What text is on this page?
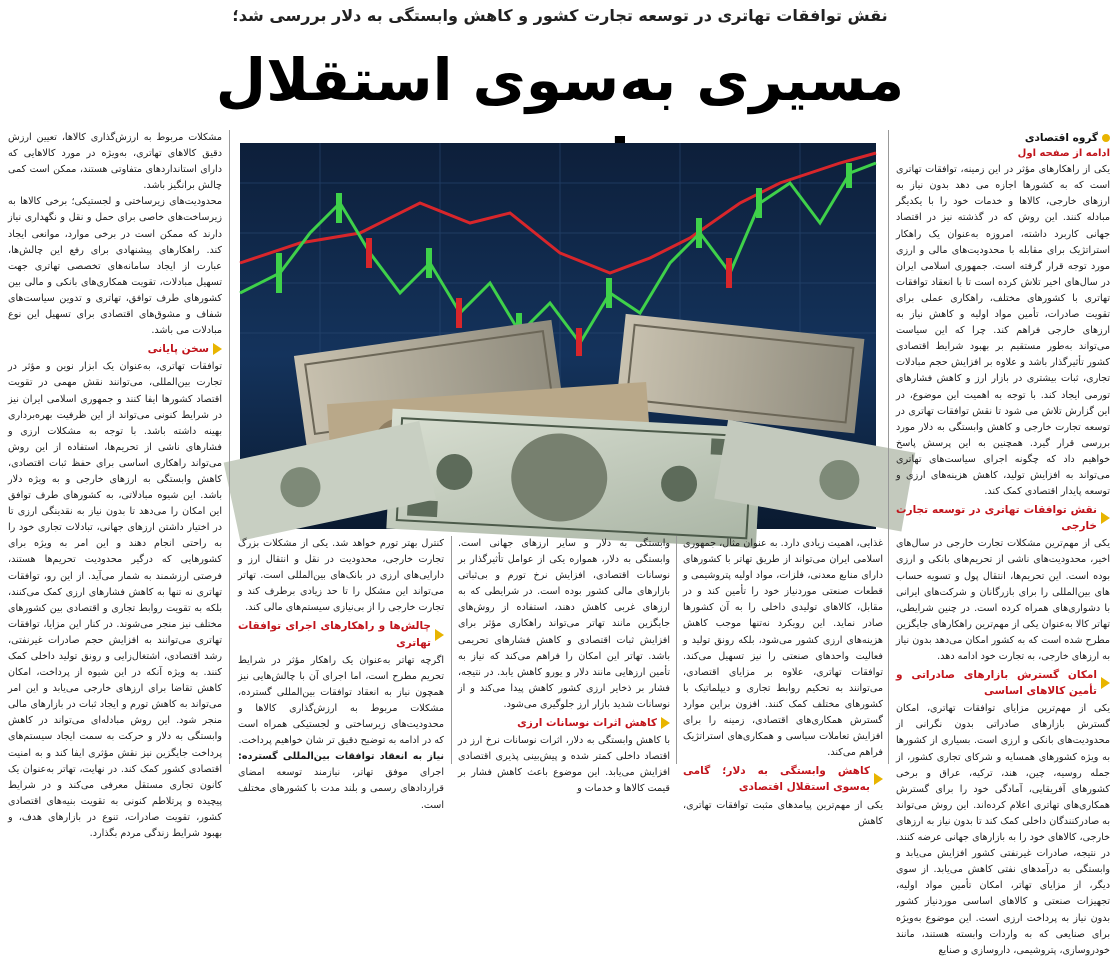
نقش توافقات تهاتری در توسعه تجارت کشور و کاهش وابستگی به دلار بررسی شد؛
مسیری به‌سوی استقلال
گروه اقتصادی
ادامه از صفحه اول

یکی از راهکارهای مؤثر در این زمینه، توافقات تهاتری است که به کشورها اجازه می دهد بدون نیاز به ارزهای خارجی، کالاها و خدمات خود را با یکدیگر مبادله کنند. این روش که در گذشته نیز در اقتصاد جهانی کاربرد داشته، امروزه به‌عنوان یک راهکار استراتژیک برای مقابله با محدودیت‌های مالی و ارزی مورد توجه قرار گرفته است. جمهوری اسلامی ایران در سال‌های اخیر تلاش کرده است تا با انعقاد توافقات تهاتری با کشورهای مختلف، راهکاری عملی برای تقویت صادرات، تأمین مواد اولیه و کاهش نیاز به ارزهای خارجی فراهم کند. چرا که این سیاست می‌تواند به‌طور مستقیم بر بهبود شرایط اقتصادی کشور تأثیرگذار باشد و علاوه بر افزایش حجم مبادلات تجاری، ثبات بیشتری در بازار ارز و کاهش فشارهای تورمی ایجاد کند. با توجه به اهمیت این موضوع، در این گزارش تلاش می شود تا نقش توافقات تهاتری در توسعه تجارت خارجی و کاهش وابستگی به دلار مورد بررسی قرار گیرد. همچنین به این پرسش پاسخ خواهیم داد که چگونه اجرای سیاست‌های تهاتری می‌تواند به افزایش تولید، کاهش هزینه‌های ارزی و توسعه پایدار اقتصادی کمک کند.

نقش توافقات تهاتری در توسعه تجارت خارجی

یکی از مهم‌ترین مشکلات تجارت خارجی در سال‌های اخیر، محدودیت‌های ناشی از تحریم‌های بانکی و ارزی بوده است. این تحریم‌ها، انتقال پول و تسویه حساب های بین‌المللی را برای بازرگانان و شرکت‌های ایرانی با دشواری‌های همراه کرده است. در چنین شرایطی، تهاتر کالا به‌عنوان یکی از مهم‌ترین راهکارهای جایگزین مطرح شده است که به کشور امکان می‌دهد بدون نیاز به ارزهای خارجی، به تجارت خود ادامه دهد.

امکان گسترش بازارهای صادراتی و تأمین کالاهای اساسی

یکی از مهم‌ترین مزایای توافقات تهاتری، امکان گسترش بازارهای صادراتی بدون نگرانی از محدودیت‌های بانکی و ارزی است. بسیاری از کشورها به ویژه کشورهای همسایه و شرکای تجاری کشور، از جمله روسیه، چین، هند، ترکیه، عراق و برخی کشورهای آفریقایی، آمادگی خود را برای گسترش همکاری‌های تهاتری اعلام کرده‌اند. این روش می‌تواند به صادرکنندگان داخلی کمک کند تا بدون نیاز به ارزهای خارجی، کالاهای خود را به بازارهای جهانی عرضه کنند. در نتیجه، صادرات غیرنفتی کشور افزایش می‌یابد و وابستگی به درآمدهای نفتی کاهش می‌یابد. از سوی دیگر، از مزایای تهاتر، امکان تأمین مواد اولیه، تجهیزات صنعتی و کالاهای اساسی موردنیاز کشور بدون نیاز به پرداخت ارزی است. این موضوع به‌ویژه برای صنایعی که به واردات وابسته هستند، مانند خودروسازی، پتروشیمی، داروسازی و صنایع

غذایی، اهمیت زیادی دارد. به عنوان مثال، جمهوری اسلامی ایران می‌تواند از طریق تهاتر با کشورهای دارای منابع معدنی، فلزات، مواد اولیه پتروشیمی و قطعات صنعتی موردنیاز خود را تأمین کند و در مقابل، کالاهای تولیدی داخلی را به آن کشورها صادر نماید. این رویکرد نه‌تنها موجب کاهش هزینه‌های ارزی کشور می‌شود، بلکه رونق تولید و فعالیت واحدهای صنعتی را نیز تسهیل می‌کند. توافقات تهاتری، علاوه بر مزایای اقتصادی، می‌توانند به تحکیم روابط تجاری و دیپلماتیک با کشورهای مختلف کمک کنند. افزون براین موارد گسترش همکاری‌های اقتصادی، زمینه را برای افزایش تعاملات سیاسی و همکاری‌های استراتژیک فراهم می‌کند.

کاهش وابستگی به دلار؛ گامی به‌سوی استقلال اقتصادی

یکی از مهم‌ترین پیامدهای مثبت توافقات تهاتری، کاهش

وابستگی به دلار و سایر ارزهای جهانی است. وابستگی به دلار، همواره یکی از عوامل تأثیرگذار بر نوسانات اقتصادی، افزایش نرخ تورم و بی‌ثباتی بازارهای مالی کشور بوده است. در شرایطی که به ارزهای غربی کاهش دهند، استفاده از روش‌های جایگزین مانند تهاتر می‌تواند راهکاری مؤثر برای افزایش ثبات اقتصادی و کاهش فشارهای تحریمی باشد. تهاتر این امکان را فراهم می‌کند که نیاز به تأمین ارزهایی مانند دلار و یورو کاهش یابد. در نتیجه، فشار بر ذخایر ارزی کشور کاهش پیدا می‌کند و از نوسانات شدید بازار ارز جلوگیری می‌شود.

کاهش اثرات نوسانات ارزی

با کاهش وابستگی به دلار، اثرات نوسانات نرخ ارز در اقتصاد داخلی کمتر شده و پیش‌بینی پذیری اقتصادی افزایش می‌یابد. این موضوع باعث کاهش فشار بر قیمت کالاها و خدمات و

کنترل بهتر تورم خواهد شد. یکی از مشکلات بزرگ تجارت خارجی، محدودیت در نقل و انتقال ارز و دارایی‌های ارزی در بانک‌های بین‌المللی است. تهاتر می‌تواند این مشکل را تا حد زیادی برطرف کند و تجارت خارجی را از بی‌نیازی سیستم‌های مالی کند.

چالش‌ها و راهکارهای اجرای توافقات تهاتری

اگرچه تهاتر به‌عنوان یک راهکار مؤثر در شرایط تحریم مطرح است، اما اجرای آن با چالش‌هایی نیز همچون نیاز به انعقاد توافقات بین‌المللی گسترده، مشکلات مربوط به ارزش‌گذاری کالاها و محدودیت‌های زیرساختی و لجستیکی همراه است که در ادامه به توضیح دقیق تر شان خواهیم پرداخت.

نیاز به انعقاد توافقات بین‌المللی گسترده: اجرای موفق تهاتر، نیازمند توسعه امضای قراردادهای رسمی و بلند مدت با کشورهای مختلف است.

مشکلات مربوط به ارزش‌گذاری کالاها، تعیین ارزش دقیق کالاهای تهاتری، به‌ویژه در مورد کالاهایی که دارای استانداردهای متفاوتی هستند، ممکن است کمی چالش برانگیز باشد.

محدودیت‌های زیرساختی و لجستیکی؛ برخی کالاها به زیرساخت‌های خاصی برای حمل و نقل و نگهداری نیاز دارند که ممکن است در برخی موارد، موانعی ایجاد کند. راهکارهای پیشنهادی برای رفع این چالش‌ها، عبارت از ایجاد سامانه‌های تخصصی تهاتری جهت تسهیل مبادلات، تقویت همکاری‌های بانکی و مالی بین کشورهای طرف توافق، تهاتری و تدوین سیاست‌های شفاف و مشوق‌های اقتصادی برای تسهیل این نوع مبادلات می باشد.

سخن پایانی

توافقات تهاتری، به‌عنوان یک ابزار نوین و مؤثر در تجارت بین‌المللی، می‌توانند نقش مهمی در تقویت اقتصاد کشورها ایفا کنند و جمهوری اسلامی ایران نیز در شرایط کنونی می‌تواند از این ظرفیت بهره‌برداری بهینه داشته باشد. با توجه به مشکلات ارزی و فشارهای ناشی از تحریم‌ها، استفاده از این روش می‌تواند راهکاری اساسی برای حفظ ثبات اقتصادی، کاهش وابستگی به ارزهای خارجی و به ویژه دلار باشد. این شیوه مبادلاتی، به کشورهای طرف توافق این امکان را می‌دهد تا بدون نیاز به نقدینگی ارزی تا در اختیار داشتن ارزهای جهانی، تبادلات تجاری خود را به راحتی انجام دهند و این امر به ویژه برای کشورهایی که درگیر محدودیت تحریم‌ها هستند، فرصتی ارزشمند به شمار می‌آید. از این رو، توافقات تهاتری نه تنها به کاهش فشارهای ارزی کمک می‌کنند، بلکه به تقویت روابط تجاری و اقتصادی بین کشورهای مختلف نیز منجر می‌شوند. در کنار این مزایا، توافقات تهاتری می‌توانند به افزایش حجم صادرات غیرنفتی، رشد اقتصادی، اشتغال‌زایی و رونق تولید داخلی کمک کنند. به ویژه آنکه در این شیوه از پرداخت، امکان کاهش تقاضا برای ارزهای خارجی می‌یابد و این امر می‌تواند به کاهش تورم و ایجاد ثبات در بازارهای مالی منجر شود. این روش مبادله‌ای می‌تواند در کاهش وابستگی به دلار و حرکت به سمت ایجاد سیستم‌های پرداخت جایگزین نیز نقش مؤثری ایفا کند و به امنیت اقتصادی کشور کمک کند. در نهایت، تهاتر به‌عنوان یک کانون تجاری مستقل معرفی می‌کند و در شرایط پیچیده و پرتلاطم کنونی به تقویت بنیه‌های اقتصادی کشور، تقویت صادرات، تنوع در بازارهای هدف، و بهبود شرایط زندگی مردم بگذارد.
